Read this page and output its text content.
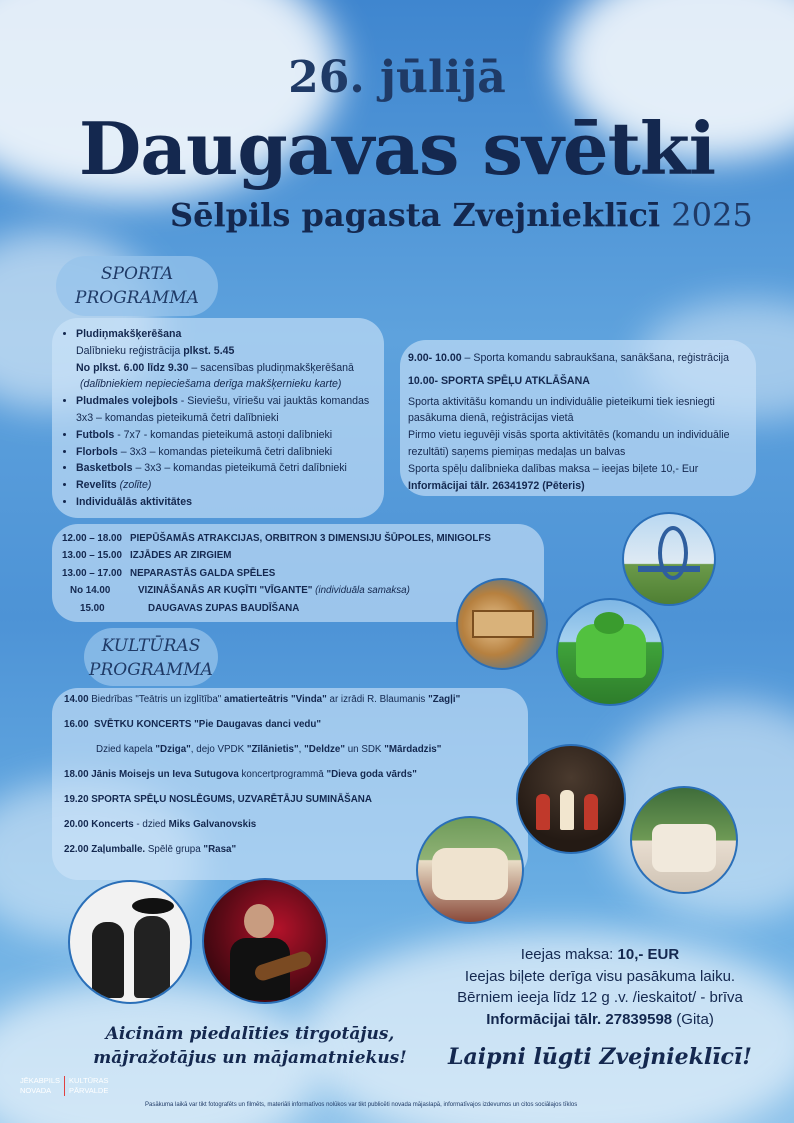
26. jūlijā
Daugavas svētki
Sēlpils pagasta Zvejnieklīcī 2025
SPORTA
PROGRAMMA
• Pludiņmakšķerēšana
Dalībnieku reģistrācija plkst. 5.45
No plkst. 6.00 līdz 9.30 – sacensības pludiņmakšķerēšanā
(dalībniekiem nepieciešama derīga makšķernieku karte)
• Pludmales volejbols - Sieviešu, vīriešu vai jauktās komandas
3x3 – komandas pieteikumā četri dalībnieki
• Futbols - 7x7 - komandas pieteikumā astoņi dalībnieki
• Florbols – 3x3 – komandas pieteikumā četri dalībnieki
• Basketbols – 3x3 – komandas pieteikumā četri dalībnieki
• Revelīts (zolīte)
• Individuālās aktivitātes
9.00- 10.00 – Sporta komandu sabraukšana, sanākšana, reģistrācija
10.00- SPORTA SPĒĻU ATKLĀŠANA
Sporta aktivitāšu komandu un individuālie pieteikumi tiek iesniegti pasākuma dienā, reģistrācijas vietā
Pirmo vietu ieguvēji visās sporta aktivitātēs (komandu un individuālie rezultāti) saņems piemiņas medaļas un balvas
Sporta spēļu dalībnieka dalības maksa – ieejas biļete 10,- Eur
Informācijai tālr. 26341972 (Pēteris)
12.00 – 18.00 PIEPŪŠAMĀS ATRAKCIJAS, ORBITRON 3 DIMENSIJU ŠŪPOLES, MINIGOLFS
13.00 – 15.00 IZJĀDES AR ZIRGIEM
13.00 – 17.00 NEPARASTĀS GALDA SPĒLES
No 14.00	VIZINĀŠANĀS AR KUĢĪTI "VĪGANTE" (individuāla samaksa)
15.00	DAUGAVAS ZUPAS BAUDĪŠANA
KULTŪRAS
PROGRAMMA
14.00 Biedrības "Teātris un izglītība" amatierteātris "Vinda" ar izrādi R. Blaumanis "Zagļi"
16.00 SVĒTKU KONCERTS "Pie Daugavas danci vedu"
Dzied kapela "Dziga", dejo VPDK "Zīlānietis", "Deldze" un SDK "Mārdadzis"
18.00 Jānis Moisejs un Ieva Sutugova koncertprogrammā "Dieva goda vārds"
19.20 SPORTA SPĒĻU NOSLĒGUMS, UZVARĒTĀJU SUMINĀŠANA
20.00 Koncerts - dzied Miks Galvanovskis
22.00 Zaļumballe. Spēlē grupa "Rasa"
Ieejas maksa: 10,- EUR
Ieejas biļete derīga visu pasākuma laiku.
Bērniem ieeja līdz 12 g .v. /ieskaitot/ - brīva
Informācijai tālr. 27839598 (Gita)
Aicinām piedalīties tirgotājus,
mājražotājus un mājamatniekus!	Laipni lūgti Zvejnieklīcī!
JĒKABPILS
NOVADA
KULTŪRAS
PĀRVALDE
Pasākuma laikā var tikt fotografēts un filmēts, materiāli informatīvos nolūkos var tikt publicēti novada mājaslapā, informatīvajos izdevumos un citos sociālajos tīklos
